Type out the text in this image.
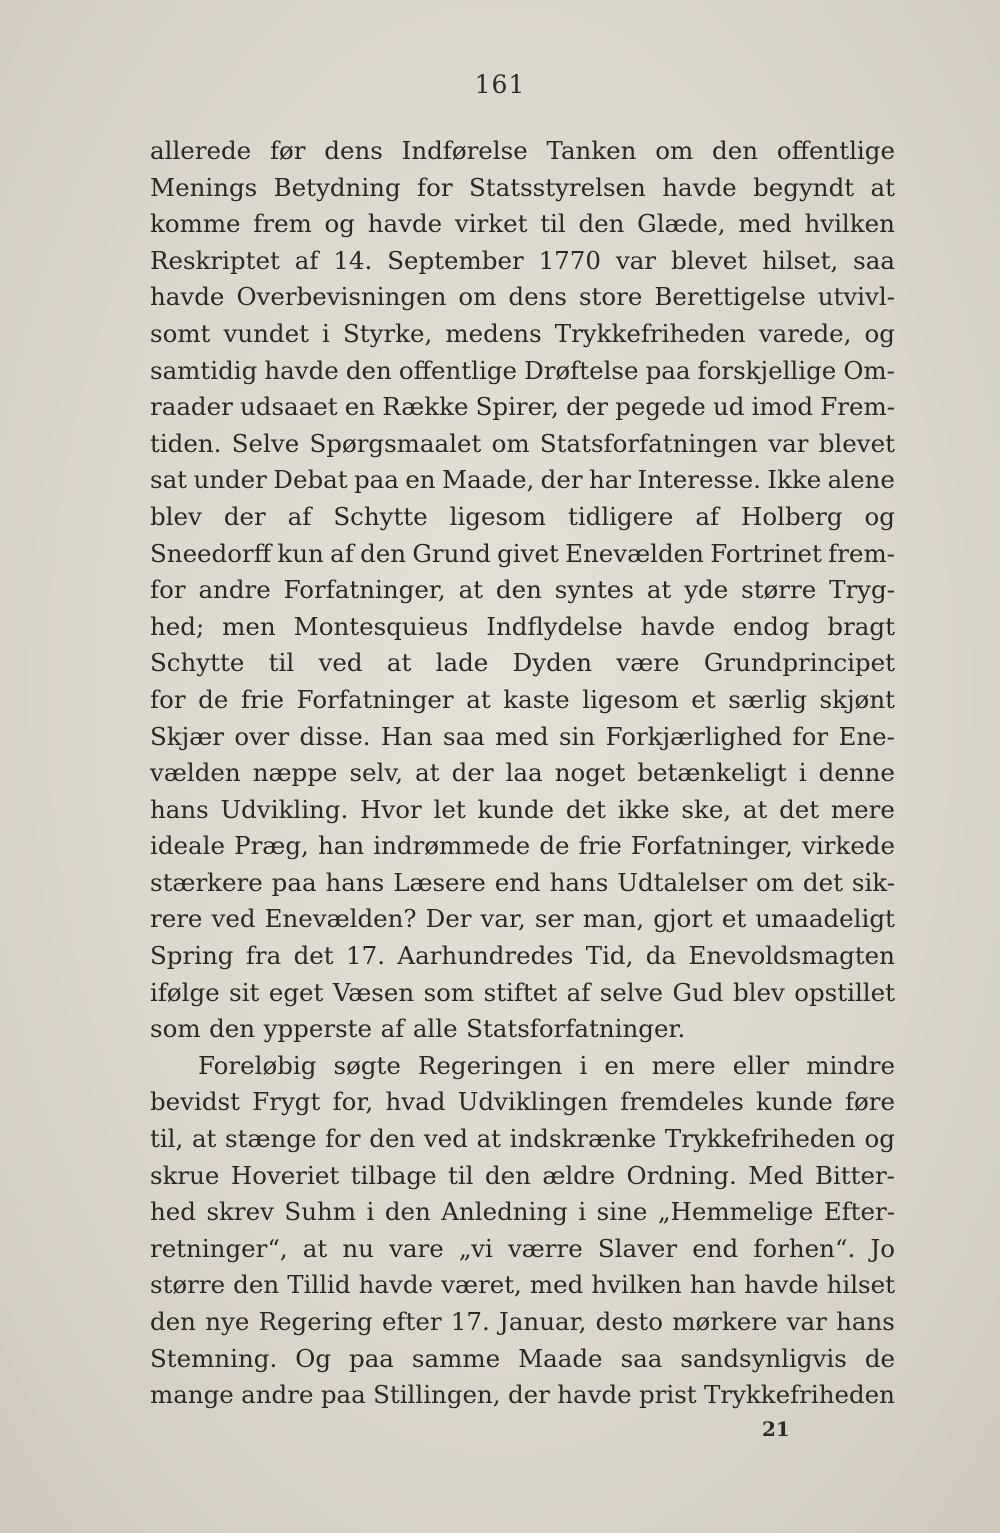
161
allerede før dens Indførelse Tanken om den offentlige
Menings Betydning for Statsstyrelsen havde begyndt at
komme frem og havde virket til den Glæde, med hvilken
Reskriptet af 14. September 1770 var blevet hilset, saa
havde Overbevisningen om dens store Berettigelse utvivl-
somt vundet i Styrke, medens Trykkefriheden varede, og
samtidig havde den offentlige Drøftelse paa forskjellige Om-
raader udsaaet en Række Spirer, der pegede ud imod Frem-
tiden. Selve Spørgsmaalet om Statsforfatningen var blevet
sat under Debat paa en Maade, der har Interesse. Ikke alene
blev der af Schytte ligesom tidligere af Holberg og
Sneedorff kun af den Grund givet Enevælden Fortrinet frem-
for andre Forfatninger, at den syntes at yde større Tryg-
hed; men Montesquieus Indflydelse havde endog bragt
Schytte til ved at lade Dyden være Grundprincipet
for de frie Forfatninger at kaste ligesom et særlig skjønt
Skjær over disse. Han saa med sin Forkjærlighed for Ene-
vælden næppe selv, at der laa noget betænkeligt i denne
hans Udvikling. Hvor let kunde det ikke ske, at det mere
ideale Præg, han indrømmede de frie Forfatninger, virkede
stærkere paa hans Læsere end hans Udtalelser om det sik-
rere ved Enevælden? Der var, ser man, gjort et umaadeligt
Spring fra det 17. Aarhundredes Tid, da Enevoldsmagten
ifølge sit eget Væsen som stiftet af selve Gud blev opstillet
som den ypperste af alle Statsforfatninger.
Foreløbig søgte Regeringen i en mere eller mindre
bevidst Frygt for, hvad Udviklingen fremdeles kunde føre
til, at stænge for den ved at indskrænke Trykkefriheden og
skrue Hoveriet tilbage til den ældre Ordning. Med Bitter-
hed skrev Suhm i den Anledning i sine „Hemmelige Efter-
retninger“, at nu vare „vi værre Slaver end forhen“. Jo
større den Tillid havde været, med hvilken han havde hilset
den nye Regering efter 17. Januar, desto mørkere var hans
Stemning. Og paa samme Maade saa sandsynligvis de
mange andre paa Stillingen, der havde prist Trykkefriheden
21
